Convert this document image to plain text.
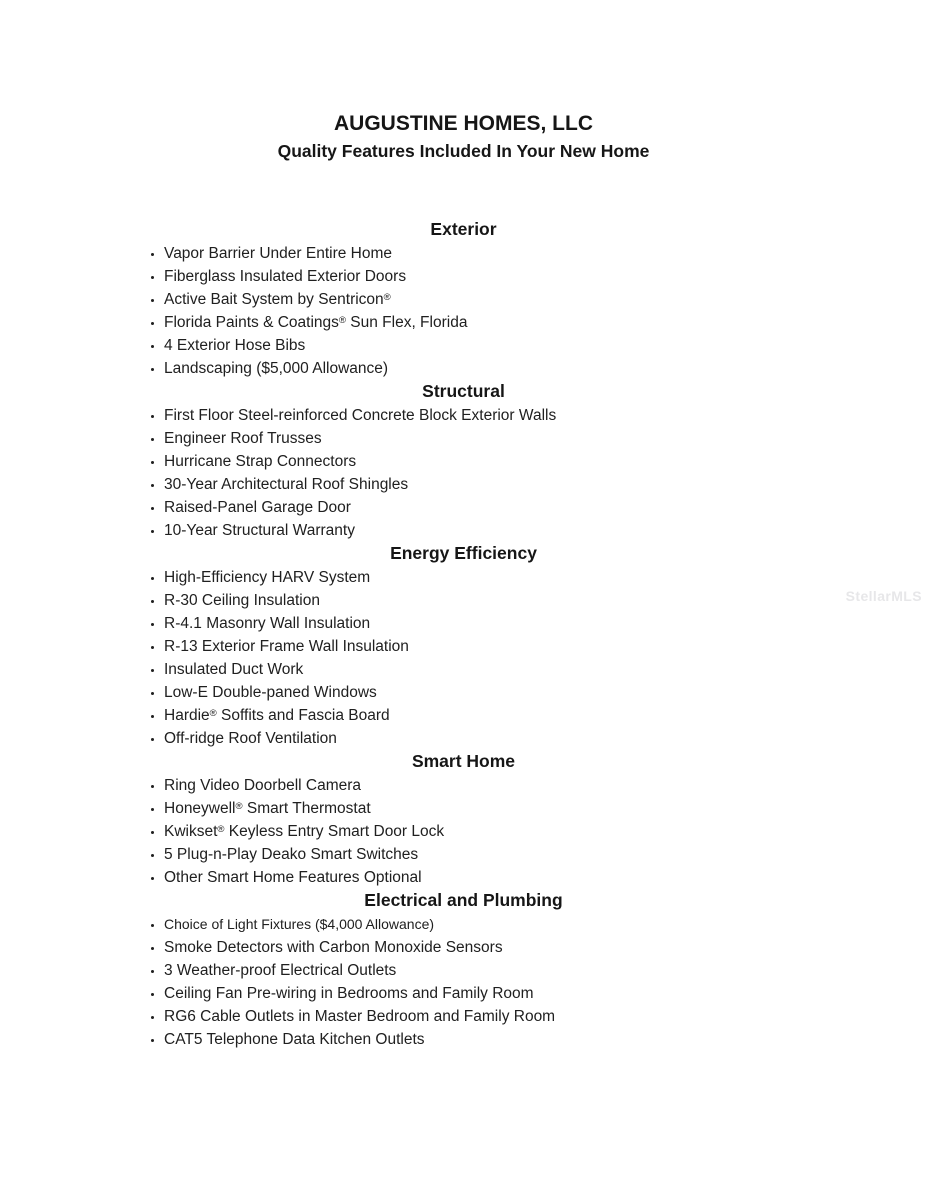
AUGUSTINE HOMES, LLC
Quality Features Included In Your New Home
Exterior
• Vapor Barrier Under Entire Home
• Fiberglass Insulated Exterior Doors
• Active Bait System by Sentricon®
• Florida Paints & Coatings® Sun Flex, Florida
• 4 Exterior Hose Bibs
• Landscaping ($5,000 Allowance)
Structural
• First Floor Steel-reinforced Concrete Block Exterior Walls
• Engineer Roof Trusses
• Hurricane Strap Connectors
• 30-Year Architectural Roof Shingles
• Raised-Panel Garage Door
• 10-Year Structural Warranty
Energy Efficiency
• High-Efficiency HARV System
• R-30 Ceiling Insulation
• R-4.1 Masonry Wall Insulation
• R-13 Exterior Frame Wall Insulation
• Insulated Duct Work
• Low-E Double-paned Windows
• Hardie® Soffits and Fascia Board
• Off-ridge Roof Ventilation
Smart Home
• Ring Video Doorbell Camera
• Honeywell® Smart Thermostat
• Kwikset® Keyless Entry Smart Door Lock
• 5 Plug-n-Play Deako Smart Switches
• Other Smart Home Features Optional
Electrical and Plumbing
• Choice of Light Fixtures ($4,000 Allowance)
• Smoke Detectors with Carbon Monoxide Sensors
• 3 Weather-proof Electrical Outlets
• Ceiling Fan Pre-wiring in Bedrooms and Family Room
• RG6 Cable Outlets in Master Bedroom and Family Room
• CAT5 Telephone Data Kitchen Outlets
StellarMLS
